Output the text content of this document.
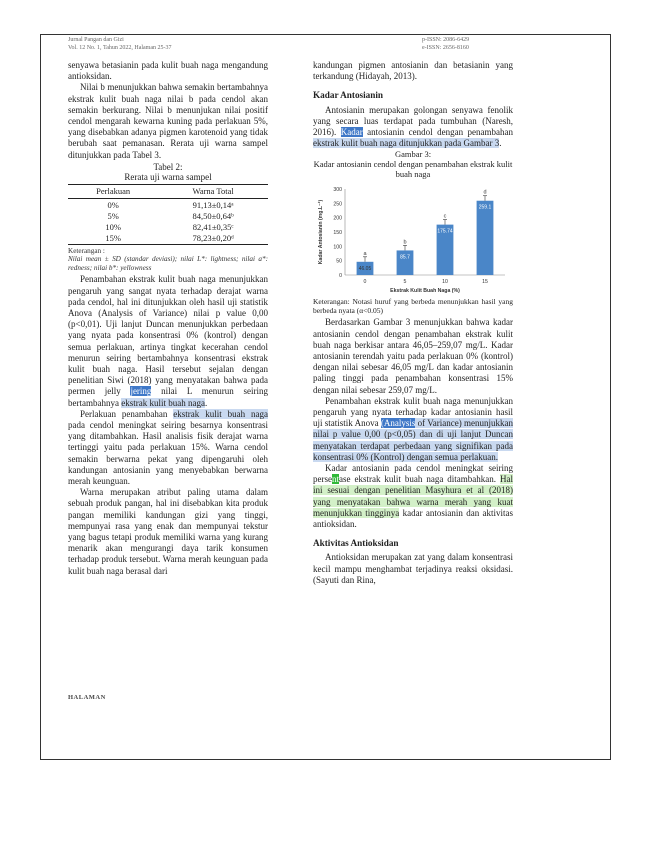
Jurnal Pangan dan Gizi
Vol. 12 No. 1, Tahun 2022, Halaman 25-37
p-ISSN: 2086-6429
e-ISSN: 2656-8160

senyawa betasianin pada kulit buah naga mengandung antioksidan.

Nilai b menunjukkan bahwa semakin bertambahnya ekstrak kulit buah naga nilai b pada cendol akan semakin berkurang. Nilai b menunjukan nilai positif cendol mengarah kewarna kuning pada perlakuan 5%, yang disebabkan adanya pigmen karotenoid yang tidak berubah saat pemanasan. Rerata uji warna sampel ditunjukkan pada Tabel 3.

Tabel 2:
Rerata uji warna sampel
Perlakuan	Warna Total
0%	91,13±0,14ᵃ
5%	84,50±0,64ᵇ
10%	82,41±0,35ᶜ
15%	78,23±0,20ᵈ
Keterangan :
Nilai mean ± SD (standar deviasi); nilai L*: lightness; nilai a*: redness; nilai b*: yellowness

Penambahan ekstrak kulit buah naga menunjukkan pengaruh yang sangat nyata terhadap derajat warna pada cendol, hal ini ditunjukkan oleh hasil uji statistik Anova (Analysis of Variance) nilai p value 0,00 (p<0,01). Uji lanjut Duncan menunjukkan perbedaan yang nyata pada konsentrasi 0% (kontrol) dengan semua perlakuan, artinya tingkat kecerahan cendol menurun seiring bertambahnya konsentrasi ekstrak kulit buah naga. Hasil tersebut sejalan dengan penelitian Siwi (2018) yang menyatakan bahwa pada permen jelly jering nilai L menurun seiring bertambahnya ekstrak kulit buah naga.

Perlakuan penambahan ekstrak kulit buah naga pada cendol meningkat seiring besarnya konsentrasi yang ditambahkan. Hasil analisis fisik derajat warna tertinggi yaitu pada perlakuan 15%. Warna cendol semakin berwarna pekat yang dipengaruhi oleh kandungan antosianin yang menyebabkan berwarna merah keunguan.

Warna merupakan atribut paling utama dalam sebuah produk pangan, hal ini disebabkan kita produk pangan memiliki kandungan gizi yang tinggi, mempunyai rasa yang enak dan mempunyai tekstur yang bagus tetapi produk memiliki warna yang kurang menarik akan mengurangi daya tarik konsumen terhadap produk tersebut. Warna merah keunguan pada kulit buah naga berasal dari

kandungan pigmen antosianin dan betasianin yang terkandung (Hidayah, 2013).

Kadar Antosianin

Antosianin merupakan golongan senyawa fenolik yang secara luas terdapat pada tumbuhan (Naresh, 2016). Kadar antosianin cendol dengan penambahan ekstrak kulit buah naga ditunjukkan pada Gambar 3.

Gambar 3:
Kadar antosianin cendol dengan penambahan ekstrak kulit buah naga
0
50
100
150
200
250
300
Kadar Antosianin (mg.L⁻¹)	a
46.05
0
b
85.7
5
c
175.74
10
d
259.1
15
Ekstrak Kulit Buah Naga (%)
Keterangan: Notasi huruf yang berbeda menunjukkan hasil yang berbeda nyata (α<0.05)

Berdasarkan Gambar 3 menunjukkan bahwa kadar antosianin cendol dengan penambahan ekstrak kulit buah naga berkisar antara 46,05–259,07 mg/L. Kadar antosianin terendah yaitu pada perlakuan 0% (kontrol) dengan nilai sebesar 46,05 mg/L dan kadar antosianin paling tinggi pada penambahan konsentrasi 15% dengan nilai sebesar 259,07 mg/L.

Penambahan ekstrak kulit buah naga menunjukkan pengaruh yang nyata terhadap kadar antosianin hasil uji statistik Anova (Analysis of Variance) menunjukkan nilai p value 0,00 (p<0,05) dan di uji lanjut Duncan menyatakan terdapat perbedaan yang signifikan pada konsentrasi 0% (Kontrol) dengan semua perlakuan.

Kadar antosianin pada cendol meningkat seiring persentase ekstrak kulit buah naga ditambahkan. Hal ini sesuai dengan penelitian Masyhura et al (2018) yang menyatakan bahwa warna merah yang kuat menunjukkan tingginya kadar antosianin dan aktivitas antioksidan.

Aktivitas Antioksidan

Antioksidan merupakan zat yang dalam konsentrasi kecil mampu menghambat terjadinya reaksi oksidasi. (Sayuti dan Rina,

HALAMAN
